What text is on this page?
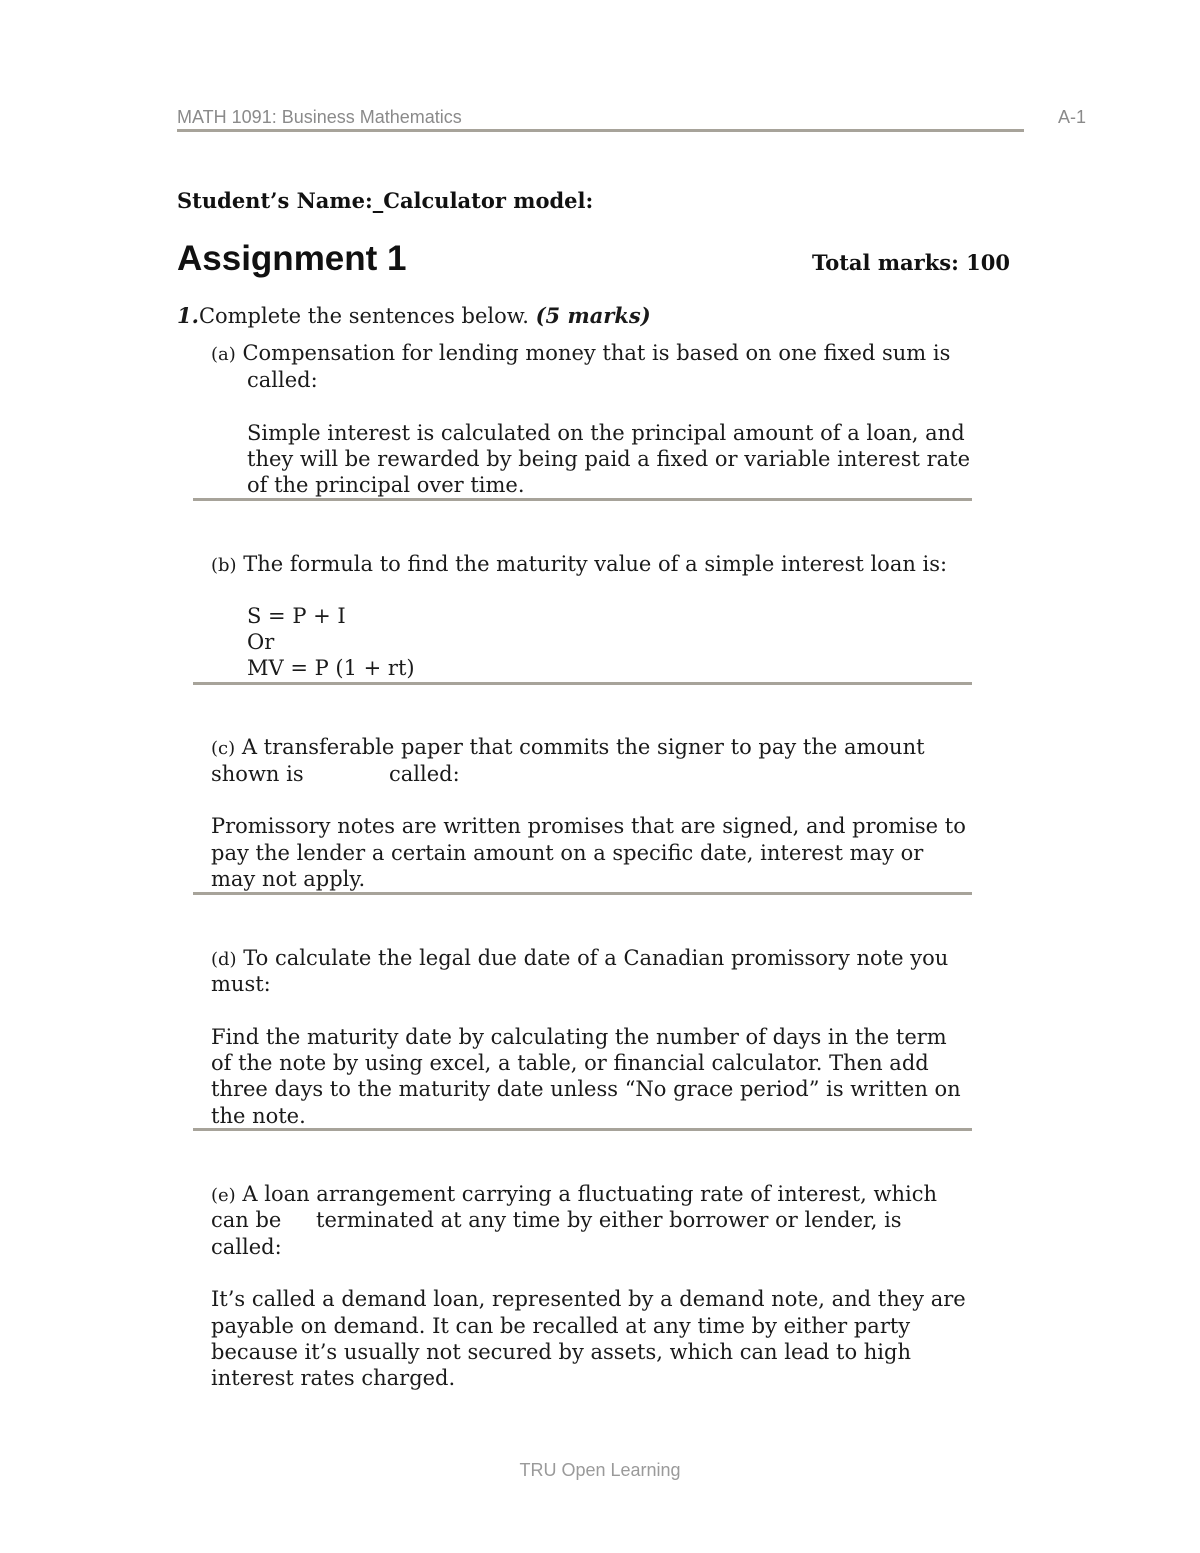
MATH 1091: Business Mathematics	A-1
Student’s Name:_Calculator model:
Assignment 1	Total marks: 100
1.Complete the sentences below. (5 marks)
(a) Compensation for lending money that is based on one fixed sum is
called:
Simple interest is calculated on the principal amount of a loan, and
they will be rewarded by being paid a fixed or variable interest rate
of the principal over time.
(b) The formula to find the maturity value of a simple interest loan is:
S = P + I
Or
MV = P (1 + rt)
(c) A transferable paper that commits the signer to pay the amount
shown is	called:
Promissory notes are written promises that are signed, and promise to
pay the lender a certain amount on a specific date, interest may or
may not apply.
(d) To calculate the legal due date of a Canadian promissory note you
must:
Find the maturity date by calculating the number of days in the term
of the note by using excel, a table, or financial calculator. Then add
three days to the maturity date unless “No grace period” is written on
the note.
(e) A loan arrangement carrying a fluctuating rate of interest, which
can be terminated at any time by either borrower or lender, is
called:
It’s called a demand loan, represented by a demand note, and they are
payable on demand. It can be recalled at any time by either party
because it’s usually not secured by assets, which can lead to high
interest rates charged.
TRU Open Learning
